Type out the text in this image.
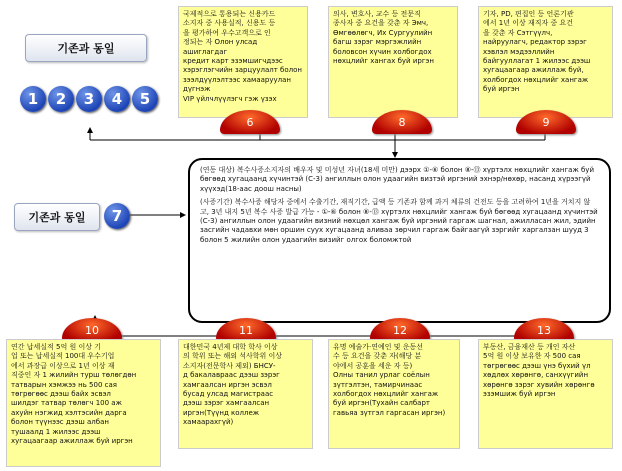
기존과 동일
1	2	3	4	5
기존과 동일	7
국제적으로 통용되는 신용카드
소지자 중 사용실적, 신용도 등
을 평가하여 우수고객으로 인
정되는 자 Олон улсад ашиглагдаг
кредит карт эзэмшигчдээс
хэрэглэгчийн зарцуулалт болон
зээлдүүлэлтээс хамааруулан дүгнэж
VIP үйлчлүүлэгч гэж үзэх
의사, 변호사, 교수 등 전문직
종사자 중 요건을 갖춘 자 Эмч,
Өмгөөлөгч, Их Сургуулийн
багш зэрэг мэргэжлийн
боловсон хүчин холбогдох
нөхцлийг хангах буй иргэн
기자, PD, 편집인 등 언론기관
에서 1년 이상 재직자 중 요건
을 갖춘 자 Сэтгүүлч,
найруулагч, редактор зэрэг
хэвлэл мэдээллийн
байгууллагат 1 жилээс дээш
хугацаагаар ажиллаж буй,
холбогдох нөхцлийг хангаж
буй иргэн
6	8	9

(연동 대상) 복수사증소지자의 배우자 및 미성년 자녀(18세 미만) дээрх ①-⑥ болон ⑧-⑬ хүртэлх нөхцлийг хангаж буй бөгөөд хугацаанд хүчинтэй (С-3) ангиллын олон удаагийн визтэй иргэний эхнэр/нөхөр, насанд хүрээгүй хүүхэд(18-аас доош насны)

(사증기간) 복수사증 해당자 중에서 수출기간, 재직기간, 급액 등 기존과 함께 과거 체류의 건전도 등을 고려하여 1년을 거치지 않고, 3년 내지 5년 복수 사증 발급 가능 - ①-⑥ болон ⑧-⑬ хүртэлх нөхцлийг хангаж буй бөгөөд хугацаанд хүчинтэй (С-3) ангиллын олон удаагийн визний нөхцөл хангаж буй иргэний гаргаж шагнал, ажилласан жил, эдийн засгийн чадавхи мөн оршин суух хугацаанд аливаа зөрчил гаргаж байгаагүй зэргийг харгалзан шууд 3 болон 5 жилийн олон удаагийн визийг олгох боломжтой

10	11	12	13
연간 납세실적 5억 원 이상 기
업 또는 납세실적 100대 우수기업
에서 과장급 이상으로 1년 이상 재
직중인 자 1 жилийн турш төлөгдөн
татварын хэмжээ нь 500 сая
төгрөгөөс дээш байх эсвэл
шилдэг татвар төлөгч 100 аж
ахуйн нэгжид хэлтэсийн дарга
болон түүнээс дээш албан
тушаалд 1 жилээс дээш
хугацаагаар ажиллаж буй иргэн
대한민국 4년제 대학 학사 이상
의 학위 또는 해외 석사학위 이상
소지자(전문학사 제외) БНСУ-
д бакалавраас дээш зэрэг
хамгаалсан иргэн эсвэл
бусад улсад магистраас
дээш зэрэг хамгаалсан
иргэн(Түүнд коллеж
хамаарахгүй)
유명 예술가·연예인 및 운동선
수 등 요건을 갖춘 자(해당 분
야에서 공훈을 세운 자 등)
Олны танил урлаг соёлын
зүтгэлтэн, тамирчинаас
холбогдох нөхцлийг хангаж
буй иргэн(Тухайн салбарт
гавьяа зүтгэл гаргасан иргэн)
부동산, 금융재산 등 개인 자산
5억 원 이상 보유한 자 500 сая
төгрөгөөс дээш үнэ бүхий үл
хөдлөх хөрөнгө, санхүүгийн
хөрөнгө зэрэг хувийн хөрөнгө
эзэмшиж буй иргэн
